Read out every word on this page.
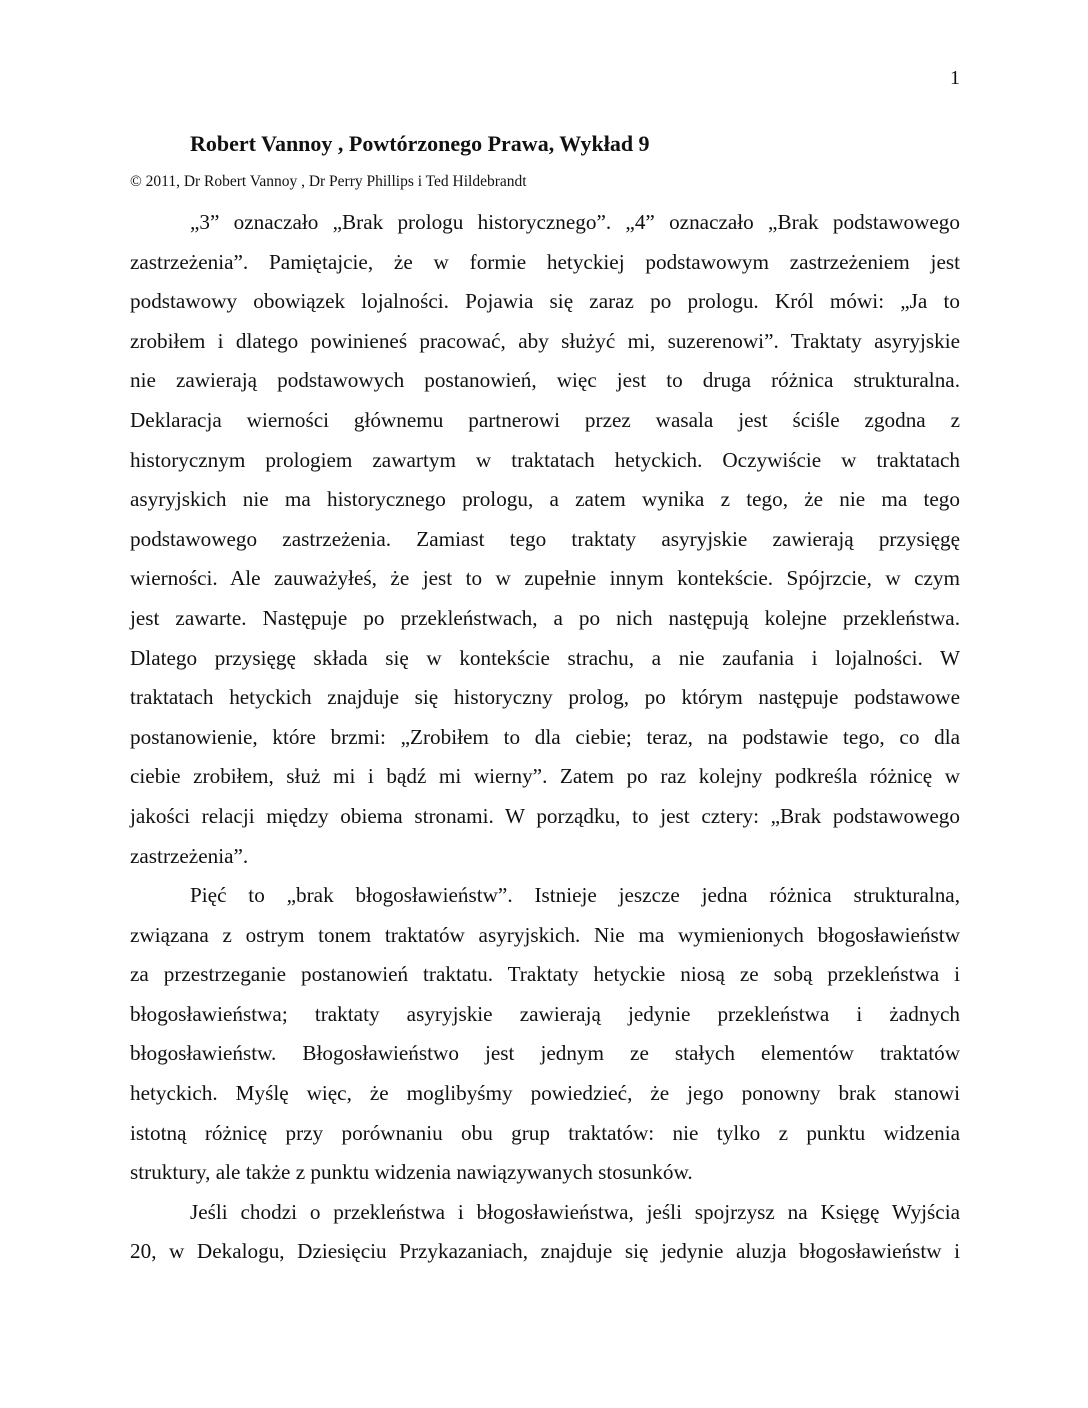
1
Robert Vannoy , Powtórzonego Prawa, Wykład 9
© 2011, Dr Robert Vannoy , Dr Perry Phillips i Ted Hildebrandt

„3” oznaczało „Brak prologu historycznego”. „4” oznaczało „Brak podstawowego
zastrzeżenia”. Pamiętajcie, że w formie hetyckiej podstawowym zastrzeżeniem jest
podstawowy obowiązek lojalności. Pojawia się zaraz po prologu. Król mówi: „Ja to
zrobiłem i dlatego powinieneś pracować, aby służyć mi, suzerenowi”. Traktaty asyryjskie
nie zawierają podstawowych postanowień, więc jest to druga różnica strukturalna.
Deklaracja wierności głównemu partnerowi przez wasala jest ściśle zgodna z
historycznym prologiem zawartym w traktatach hetyckich. Oczywiście w traktatach
asyryjskich nie ma historycznego prologu, a zatem wynika z tego, że nie ma tego
podstawowego zastrzeżenia. Zamiast tego traktaty asyryjskie zawierają przysięgę
wierności. Ale zauważyłeś, że jest to w zupełnie innym kontekście. Spójrzcie, w czym
jest zawarte. Następuje po przekleństwach, a po nich następują kolejne przekleństwa.
Dlatego przysięgę składa się w kontekście strachu, a nie zaufania i lojalności. W
traktatach hetyckich znajduje się historyczny prolog, po którym następuje podstawowe
postanowienie, które brzmi: „Zrobiłem to dla ciebie; teraz, na podstawie tego, co dla
ciebie zrobiłem, służ mi i bądź mi wierny”. Zatem po raz kolejny podkreśla różnicę w
jakości relacji między obiema stronami. W porządku, to jest cztery: „Brak podstawowego
zastrzeżenia”.

Pięć to „brak błogosławieństw”. Istnieje jeszcze jedna różnica strukturalna,
związana z ostrym tonem traktatów asyryjskich. Nie ma wymienionych błogosławieństw
za przestrzeganie postanowień traktatu. Traktaty hetyckie niosą ze sobą przekleństwa i
błogosławieństwa; traktaty asyryjskie zawierają jedynie przekleństwa i żadnych
błogosławieństw. Błogosławieństwo jest jednym ze stałych elementów traktatów
hetyckich. Myślę więc, że moglibyśmy powiedzieć, że jego ponowny brak stanowi
istotną różnicę przy porównaniu obu grup traktatów: nie tylko z punktu widzenia
struktury, ale także z punktu widzenia nawiązywanych stosunków.

Jeśli chodzi o przekleństwa i błogosławieństwa, jeśli spojrzysz na Księgę Wyjścia
20, w Dekalogu, Dziesięciu Przykazaniach, znajduje się jedynie aluzja błogosławieństw i
